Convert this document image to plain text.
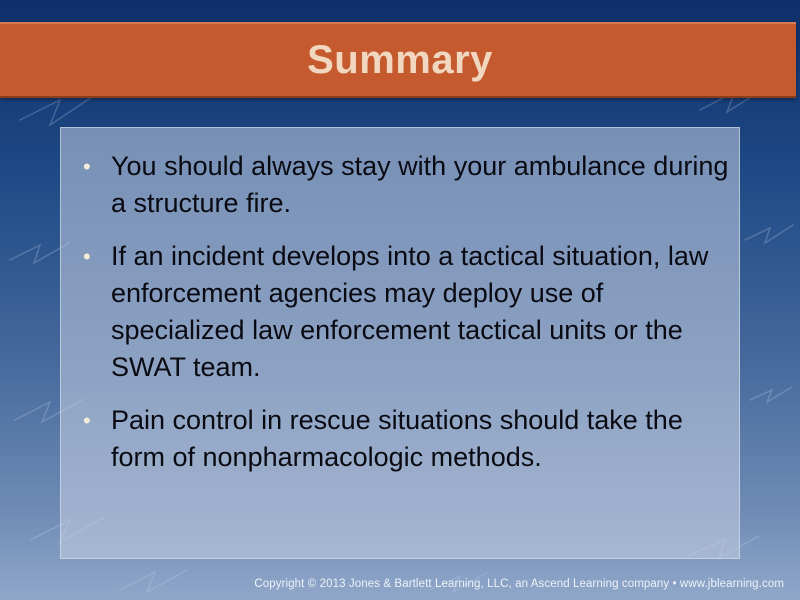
Summary
• You should always stay with your ambulance during a structure fire.
• If an incident develops into a tactical situation, law enforcement agencies may deploy use of specialized law enforcement tactical units or the SWAT team.
• Pain control in rescue situations should take the form of nonpharmacologic methods.
Copyright © 2013 Jones & Bartlett Learning, LLC, an Ascend Learning company • www.jblearning.com
